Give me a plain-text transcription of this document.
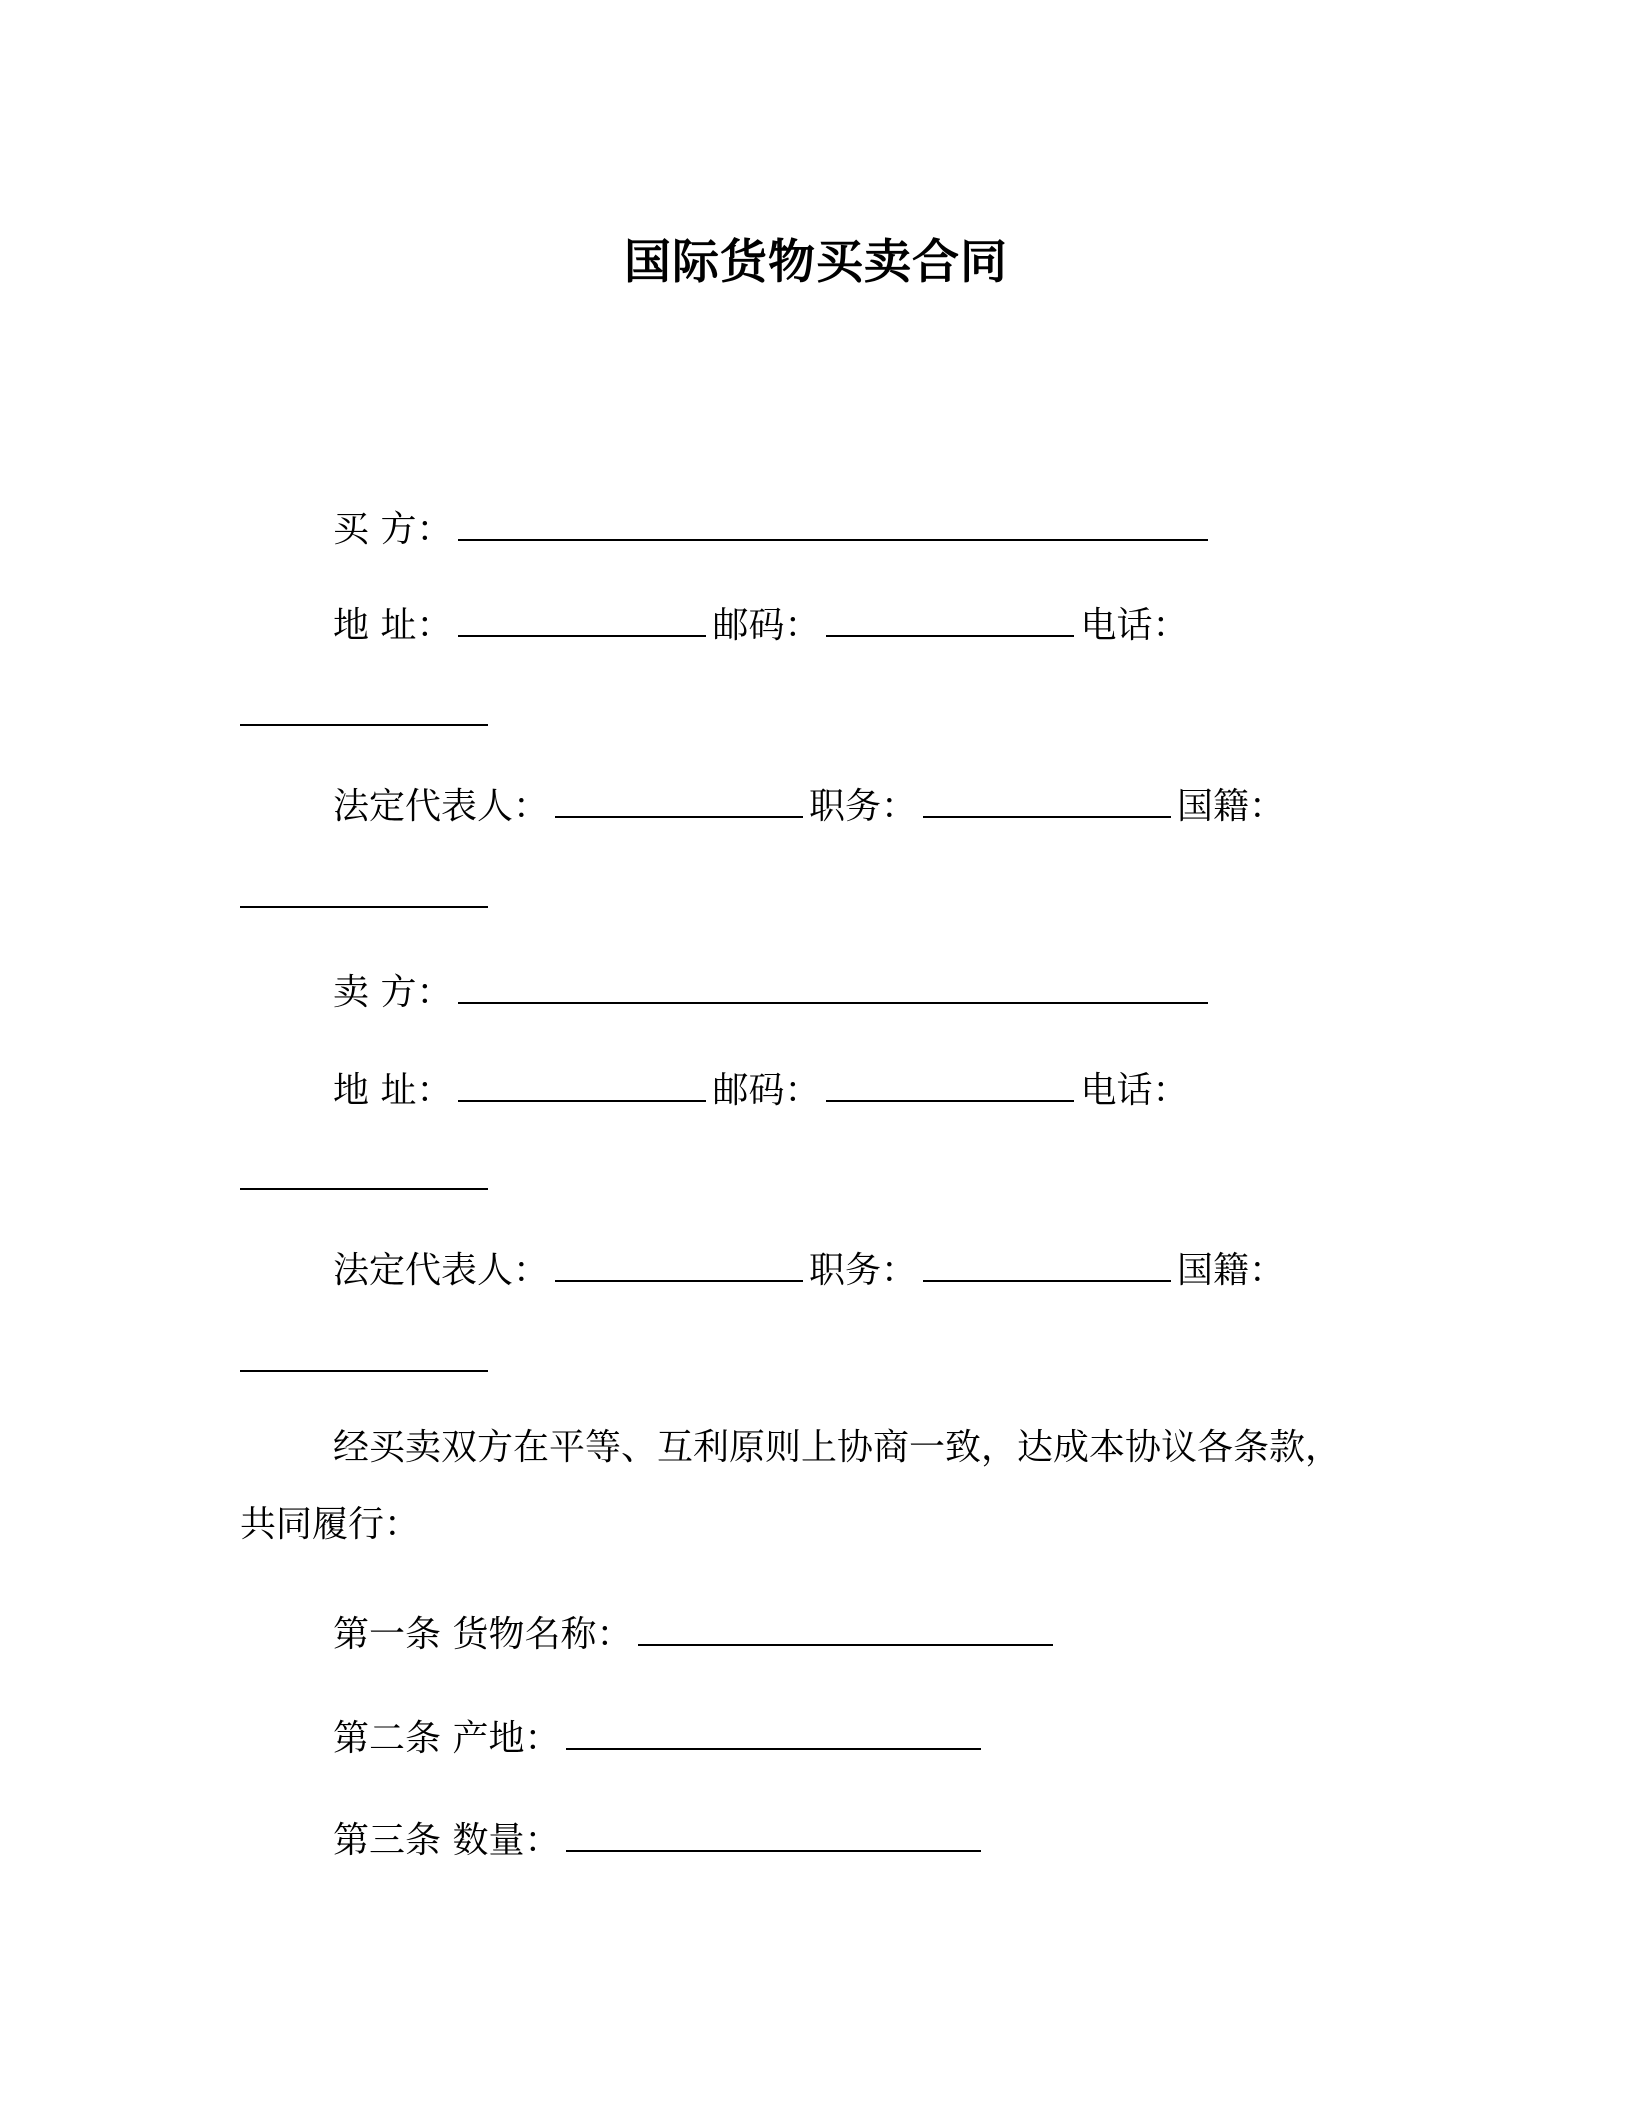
国际货物买卖合同
买 方：
地 址：	邮码：	电话：
法定代表人：	职务：	国籍：
卖 方：
地 址：	邮码：	电话：
法定代表人：	职务：	国籍：
经买卖双方在平等、互利原则上协商一致，达成本协议各条款，
共同履行：
第一条 货物名称：
第二条 产地：
第三条 数量：
